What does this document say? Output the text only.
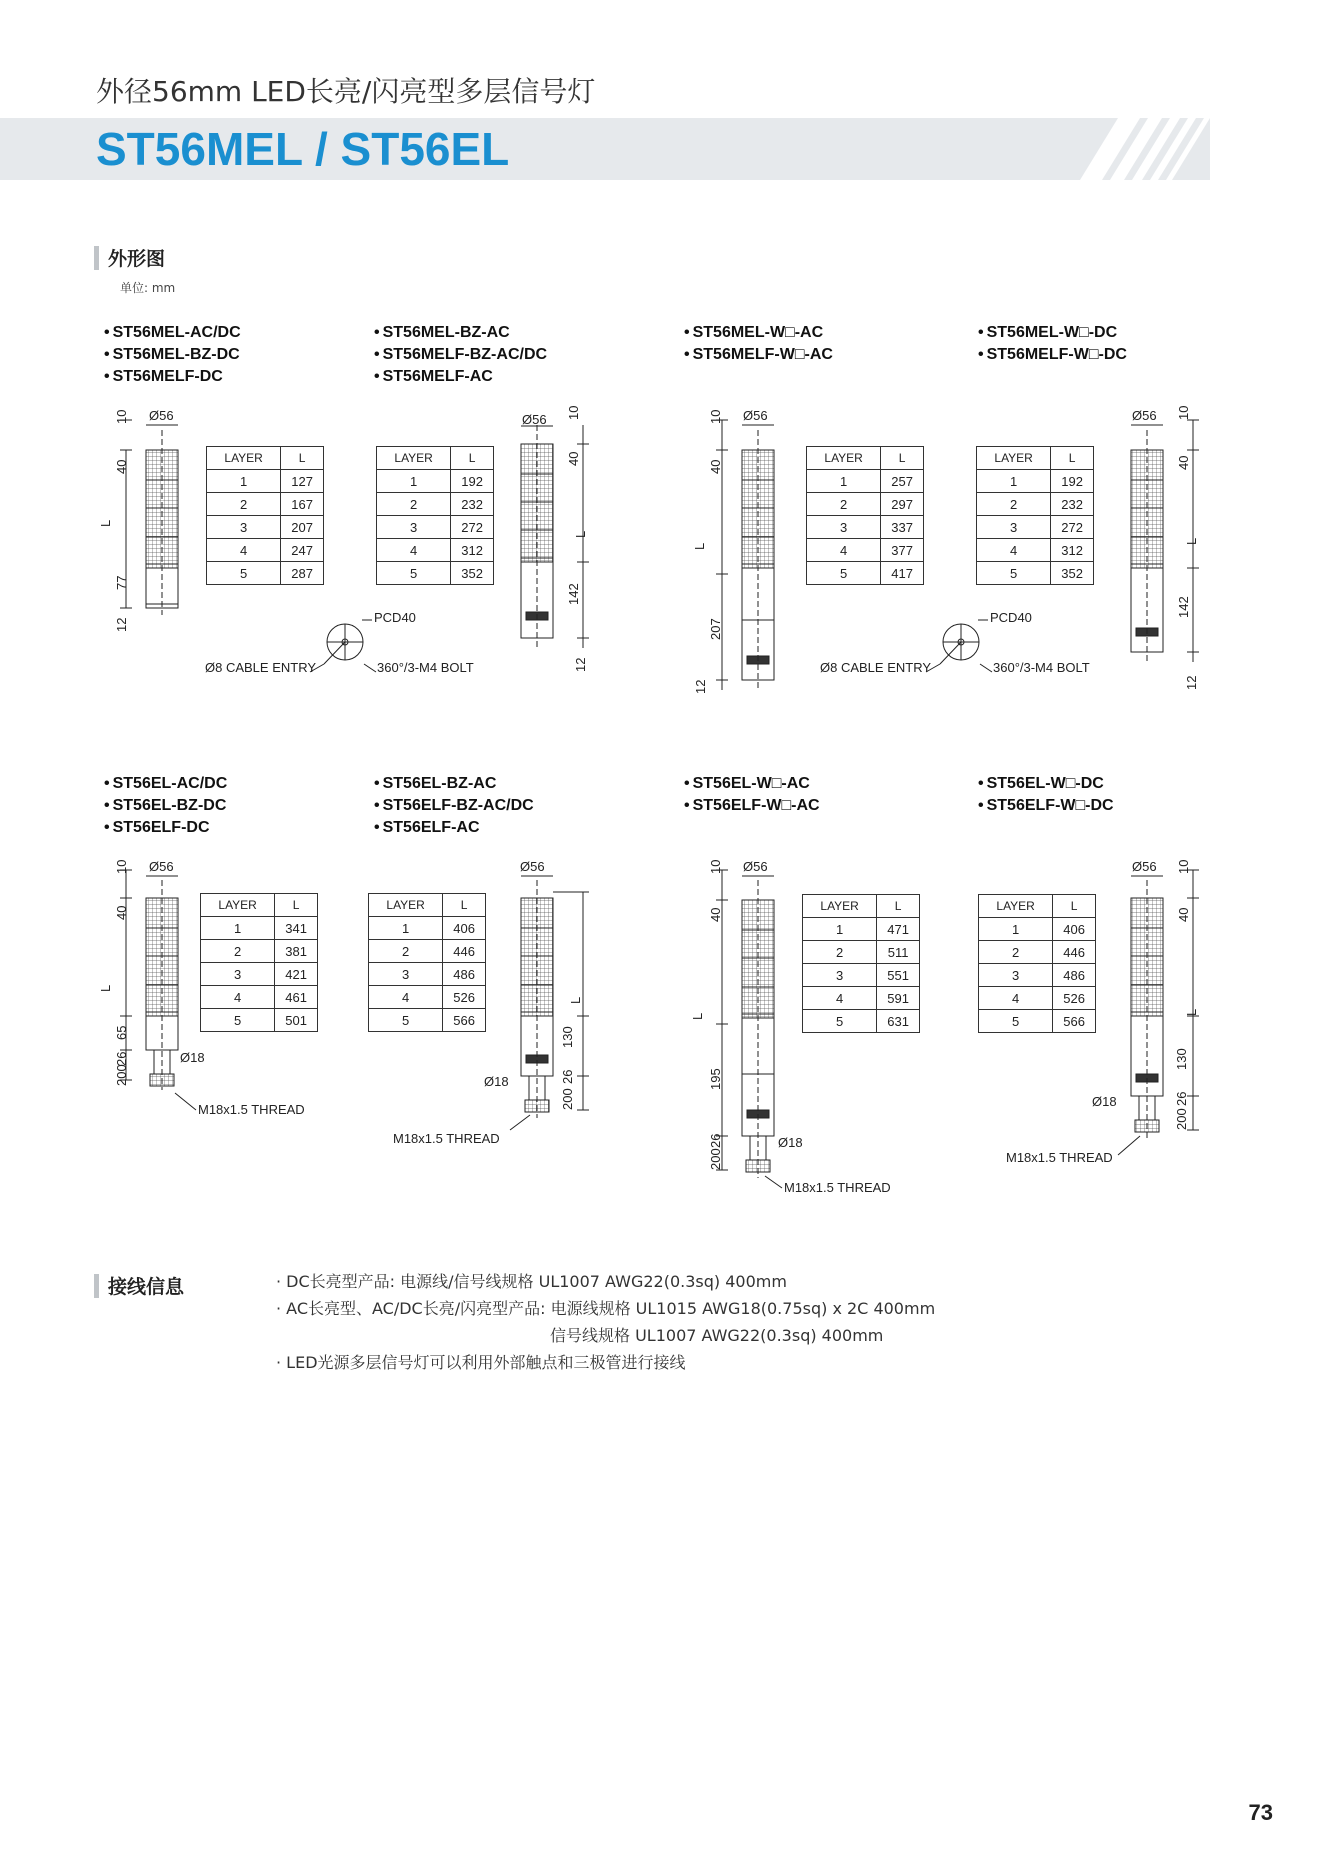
外径56mm LED长亮/闪亮型多层信号灯
ST56MEL / ST56EL
外形图
单位: mm
• ST56MEL-AC/DC
• ST56MEL-BZ-DC
• ST56MELF-DC
• ST56MEL-BZ-AC
• ST56MELF-BZ-AC/DC
• ST56MELF-AC
• ST56MEL-W□-AC
• ST56MELF-W□-AC
• ST56MEL-W□-DC
• ST56MELF-W□-DC
• ST56EL-AC/DC
• ST56EL-BZ-DC
• ST56ELF-DC
• ST56EL-BZ-AC
• ST56ELF-BZ-AC/DC
• ST56ELF-AC
• ST56EL-W□-AC
• ST56ELF-W□-AC
• ST56EL-W□-DC
• ST56ELF-W□-DC
LAYER	L
1	127
2	167
3	207
4	247
5	287
LAYER	L
1	192
2	232
3	272
4	312
5	352
LAYER	L
1	257
2	297
3	337
4	377
5	417
LAYER	L
1	192
2	232
3	272
4	312
5	352
LAYER	L
1	341
2	381
3	421
4	461
5	501
LAYER	L
1	406
2	446
3	486
4	526
5	566
LAYER	L
1	471
2	511
3	551
4	591
5	631
LAYER	L
1	406
2	446
3	486
4	526
5	566
Ø56
10
40
L
77
12
Ø56 10
40
L
142
12
PCD40
Ø8 CABLE ENTRY	360°/3-M4 BOLT
Ø56
10
40
L
207
12
Ø56 10
40
L
142
12
PCD40
Ø8 CABLE ENTRY	360°/3-M4 BOLT
Ø56
10
40
L
65
26
200
Ø18
M18x1.5 THREAD
Ø56
L
130
26
200
Ø18
M18x1.5 THREAD
Ø56
10
40
L
195
26
200
Ø18
M18x1.5 THREAD
Ø56 10
40
L
130
26
200
Ø18
M18x1.5 THREAD
接线信息	· DC长亮型产品: 电源线/信号线规格 UL1007 AWG22(0.3sq) 400mm
· AC长亮型、AC/DC长亮/闪亮型产品: 电源线规格 UL1015 AWG18(0.75sq) x 2C 400mm
信号线规格 UL1007 AWG22(0.3sq) 400mm
· LED光源多层信号灯可以利用外部触点和三极管进行接线
73
